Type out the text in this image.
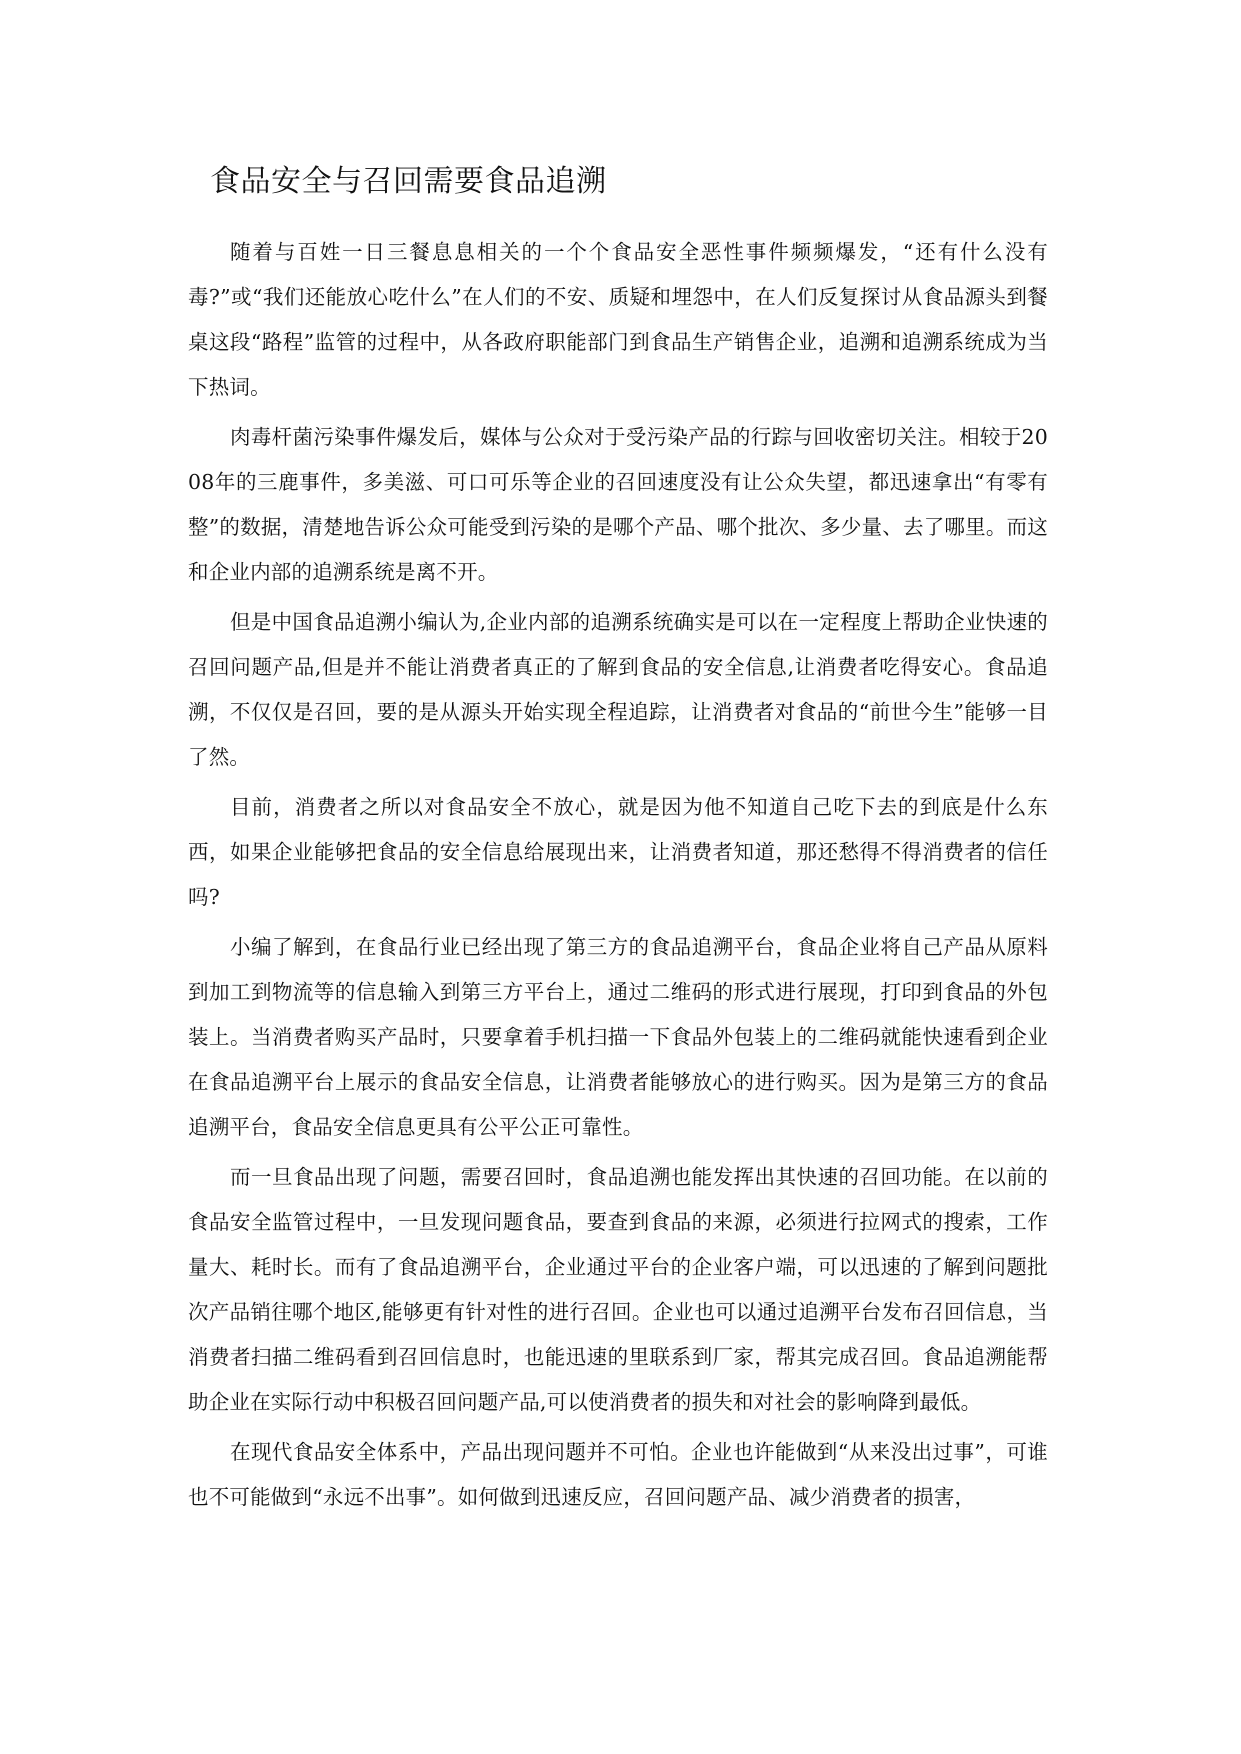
食品安全与召回需要食品追溯

随着与百姓一日三餐息息相关的一个个食品安全恶性事件频频爆发，“还有什么没有毒?”或“我们还能放心吃什么”在人们的不安、质疑和埋怨中，在人们反复探讨从食品源头到餐桌这段“路程”监管的过程中，从各政府职能部门到食品生产销售企业，追溯和追溯系统成为当下热词。

肉毒杆菌污染事件爆发后，媒体与公众对于受污染产品的行踪与回收密切关注。相较于2008年的三鹿事件，多美滋、可口可乐等企业的召回速度没有让公众失望，都迅速拿出“有零有整”的数据，清楚地告诉公众可能受到污染的是哪个产品、哪个批次、多少量、去了哪里。而这和企业内部的追溯系统是离不开。

但是中国食品追溯小编认为,企业内部的追溯系统确实是可以在一定程度上帮助企业快速的召回问题产品,但是并不能让消费者真正的了解到食品的安全信息,让消费者吃得安心。食品追溯，不仅仅是召回，要的是从源头开始实现全程追踪，让消费者对食品的“前世今生”能够一目了然。

目前，消费者之所以对食品安全不放心，就是因为他不知道自己吃下去的到底是什么东西，如果企业能够把食品的安全信息给展现出来，让消费者知道，那还愁得不得消费者的信任吗?

小编了解到，在食品行业已经出现了第三方的食品追溯平台，食品企业将自己产品从原料到加工到物流等的信息输入到第三方平台上，通过二维码的形式进行展现，打印到食品的外包装上。当消费者购买产品时，只要拿着手机扫描一下食品外包装上的二维码就能快速看到企业在食品追溯平台上展示的食品安全信息，让消费者能够放心的进行购买。因为是第三方的食品追溯平台，食品安全信息更具有公平公正可靠性。

而一旦食品出现了问题，需要召回时，食品追溯也能发挥出其快速的召回功能。在以前的食品安全监管过程中，一旦发现问题食品，要查到食品的来源，必须进行拉网式的搜索，工作量大、耗时长。而有了食品追溯平台，企业通过平台的企业客户端，可以迅速的了解到问题批次产品销往哪个地区,能够更有针对性的进行召回。企业也可以通过追溯平台发布召回信息，当消费者扫描二维码看到召回信息时，也能迅速的里联系到厂家，帮其完成召回。食品追溯能帮助企业在实际行动中积极召回问题产品,可以使消费者的损失和对社会的影响降到最低。

在现代食品安全体系中，产品出现问题并不可怕。企业也许能做到“从来没出过事”，可谁也不可能做到“永远不出事”。如何做到迅速反应，召回问题产品、减少消费者的损害，
